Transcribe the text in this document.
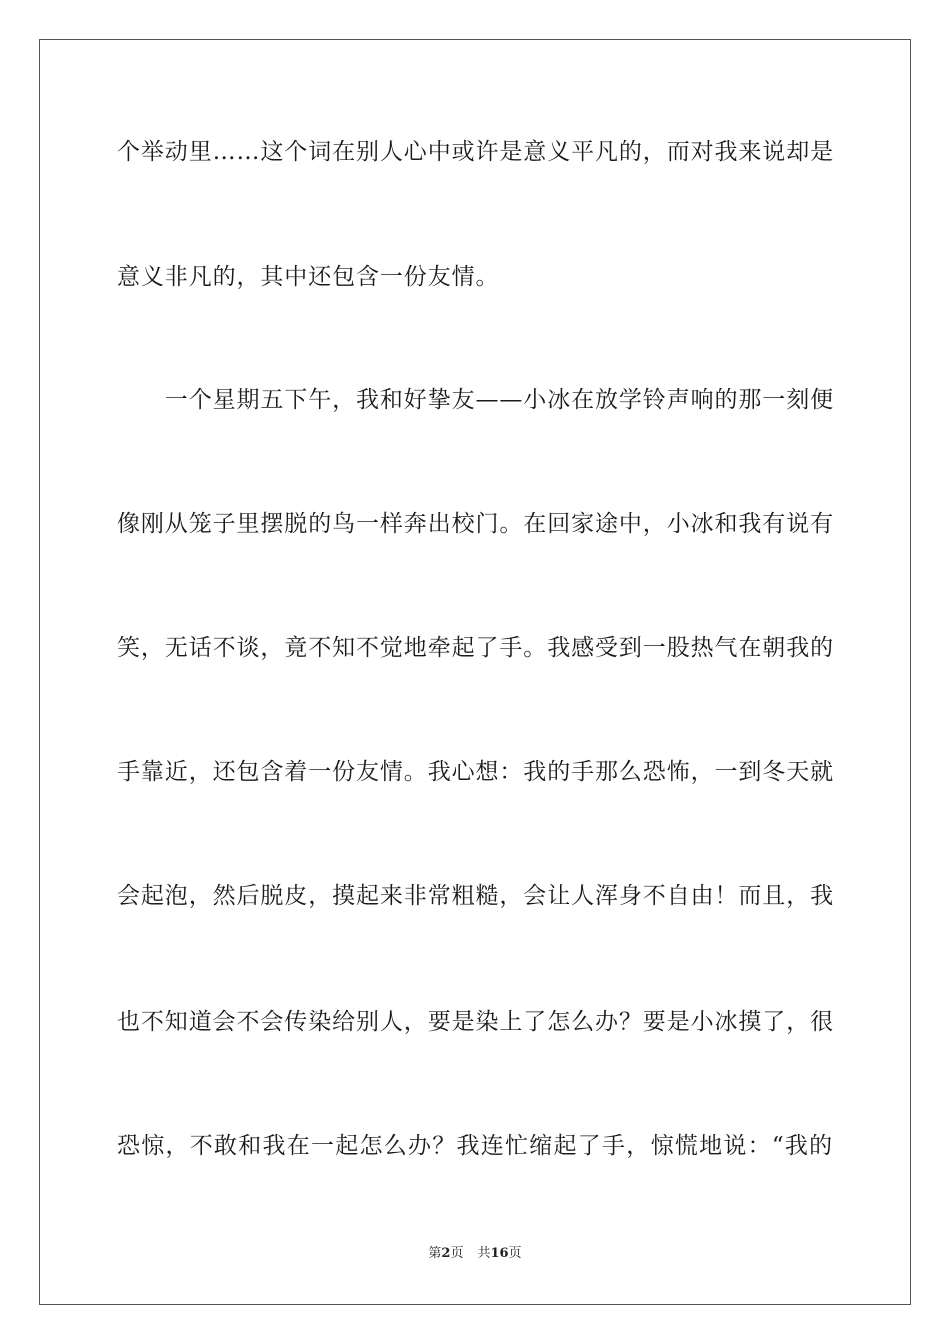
个举动里……这个词在别人心中或许是意义平凡的，而对我来说却是
意义非凡的，其中还包含一份友情。
　　一个星期五下午，我和好挚友——小冰在放学铃声响的那一刻便
像刚从笼子里摆脱的鸟一样奔出校门。在回家途中，小冰和我有说有
笑，无话不谈，竟不知不觉地牵起了手。我感受到一股热气在朝我的
手靠近，还包含着一份友情。我心想：我的手那么恐怖，一到冬天就
会起泡，然后脱皮，摸起来非常粗糙，会让人浑身不自由！而且，我
也不知道会不会传染给别人，要是染上了怎么办？要是小冰摸了，很
恐惊，不敢和我在一起怎么办？我连忙缩起了手，惊慌地说：“我的
第2页 共16页
